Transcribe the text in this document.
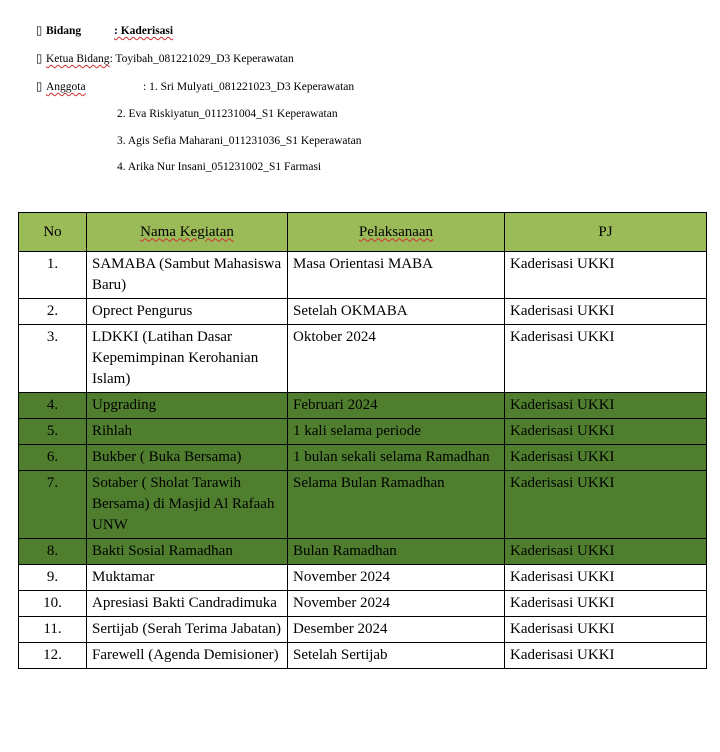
▯ Bidang	: Kaderisasi
▯ Ketua Bidang: Toyibah_081221029_D3 Keperawatan
▯ Anggota	: 1. Sri Mulyati_081221023_D3 Keperawatan
2. Eva Riskiyatun_011231004_S1 Keperawatan
3. Agis Sefia Maharani_011231036_S1 Keperawatan
4. Arika Nur Insani_051231002_S1 Farmasi
No	Nama Kegiatan	Pelaksanaan	PJ
1.	SAMABA (Sambut Mahasiswa Baru)	Masa Orientasi MABA	Kaderisasi UKKI
2.	Oprect Pengurus	Setelah OKMABA	Kaderisasi UKKI
3.	LDKKI (Latihan Dasar Kepemimpinan Kerohanian Islam)	Oktober 2024	Kaderisasi UKKI
4.	Upgrading	Februari 2024	Kaderisasi UKKI
5.	Rihlah	1 kali selama periode	Kaderisasi UKKI
6.	Bukber ( Buka Bersama)	1 bulan sekali selama Ramadhan	Kaderisasi UKKI
7.	Sotaber ( Sholat Tarawih Bersama) di Masjid Al Rafaah UNW	Selama Bulan Ramadhan	Kaderisasi UKKI
8.	Bakti Sosial Ramadhan	Bulan Ramadhan	Kaderisasi UKKI
9.	Muktamar	November 2024	Kaderisasi UKKI
10.	Apresiasi Bakti Candradimuka	November 2024	Kaderisasi UKKI
11.	Sertijab (Serah Terima Jabatan)	Desember 2024	Kaderisasi UKKI
12.	Farewell (Agenda Demisioner)	Setelah Sertijab	Kaderisasi UKKI
